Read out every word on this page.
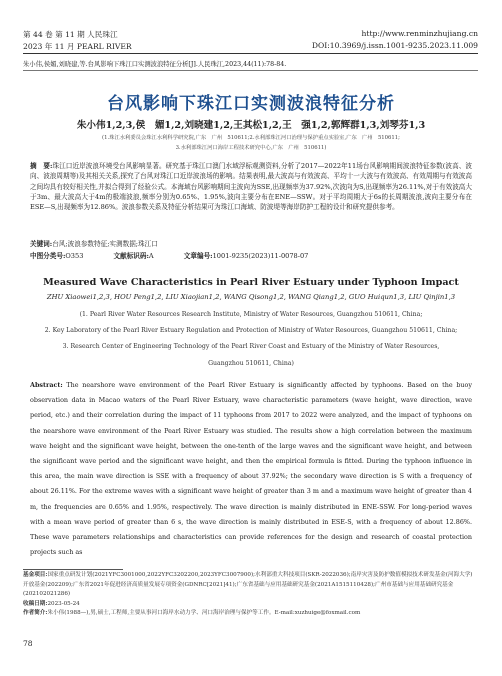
第 44 卷 第 11 期 人民珠江	http://www.renminzhujiang.cn
2023 年 11 月 PEARL RIVER	DOI:10.3969/j.issn.1001-9235.2023.11.009
朱小伟,侯媚,刘晓建,等.台风影响下珠江口实测波浪特征分析[J].人民珠江,2023,44(11):78-84.
台风影响下珠江口实测波浪特征分析
朱小伟1,2,3,侯　媚1,2,刘晓建1,2,王其松1,2,王　强1,2,郭辉群1,3,刘琴芬1,3
(1.珠江水利委员会珠江水利科学研究院,广东　广州　510611;2.水利部珠江河口治理与保护重点实验室,广东　广州　510611;
3.水利部珠江河口海岸工程技术研究中心,广东　广州　510611)
摘　要:珠江口近岸波浪环境受台风影响显著。研究基于珠江口澳门水域浮标观测资料,分析了2017—2022年11场台风影响期间波浪特征参数(波高、波向、波浪周期等)及其相关关系,探究了台风对珠江口近岸波浪场的影响。结果表明,最大波高与有效波高、平均十一大波与有效波高、有效周期与有效波高之间均具有较好相关性,并拟合得到了经验公式。本海域台风影响期间主波向为SSE,出现频率为37.92%,次波向为S,出现频率为26.11%,对于有效波高大于3m、最大波高大于4m的极端波浪,频率分别为0.65%、1.95%,波向主要分布在ENE—SSW。对于平均周期大于6s的长周期波浪,波向主要分布在ESE—S,出现频率为12.86%。波浪参数关系及特征分析结果可为珠江口海域、防波堤等海岸防护工程的设计和研究提供参考。
关键词:台风;波浪参数特征;实测数据;珠江口
中图分类号:O353	文献标识码:A	文章编号:1001-9235(2023)11-0078-07
Measured Wave Characteristics in Pearl River Estuary under Typhoon Impact
ZHU Xiaowei1,2,3, HOU Peng1,2, LIU Xiaojian1,2, WANG Qisong1,2, WANG Qiang1,2, GUO Huiqun1,3, LIU Qinjin1,3
(1. Pearl River Water Resources Research Institute, Ministry of Water Resources, Guangzhou 510611, China;
2. Key Laboratory of the Pearl River Estuary Regulation and Protection of Ministry of Water Resources, Guangzhou 510611, China;
3. Research Center of Engineering Technology of the Pearl River Coast and Estuary of the Ministry of Water Resources,
Guangzhou 510611, China)
Abstract: The nearshore wave environment of the Pearl River Estuary is significantly affected by typhoons. Based on the buoy observation data in Macao waters of the Pearl River Estuary, wave characteristic parameters (wave height, wave direction, wave period, etc.) and their correlation during the impact of 11 typhoons from 2017 to 2022 were analyzed, and the impact of typhoons on the nearshore wave environment of the Pearl River Estuary was studied. The results show a high correlation between the maximum wave height and the significant wave height, between the one-tenth of the large waves and the significant wave height, and between the significant wave period and the significant wave height, and then the empirical formula is fitted. During the typhoon influence in this area, the main wave direction is SSE with a frequency of about 37.92%; the secondary wave direction is S with a frequency of about 26.11%. For the extreme waves with a significant wave height of greater than 3 m and a maximum wave height of greater than 4 m, the frequencies are 0.65% and 1.95%, respectively. The wave direction is mainly distributed in ENE-SSW. For long-period waves with a mean wave period of greater than 6 s, the wave direction is mainly distributed in ESE-S, with a frequency of about 12.86%. These wave parameters relationships and characteristics can provide references for the design and research of coastal protection projects such as

基金项目:国家重点研发计划(2021YFC3001000,2022YFC3202200,2023YFC3007900);水利部重大科技项目(SKR-2022036);南岸灾害及防护数值模拟技术研发基金(河海大学)开放基金(202209);广东省2021年促进经济高质量发展专项资金(GDNRC[2021]41);广东省基础与应用基础研究基金(2021A1515110428);广州市基础与应用基础研究基金(202102021286)

收稿日期:2023-05-24

作者简介:朱小伟(1988—),男,硕士,工程师,主要从事河口海岸水动力学、河口海岸治理与保护等工作。E-mail:xuzhuige@foxmail.com

78
